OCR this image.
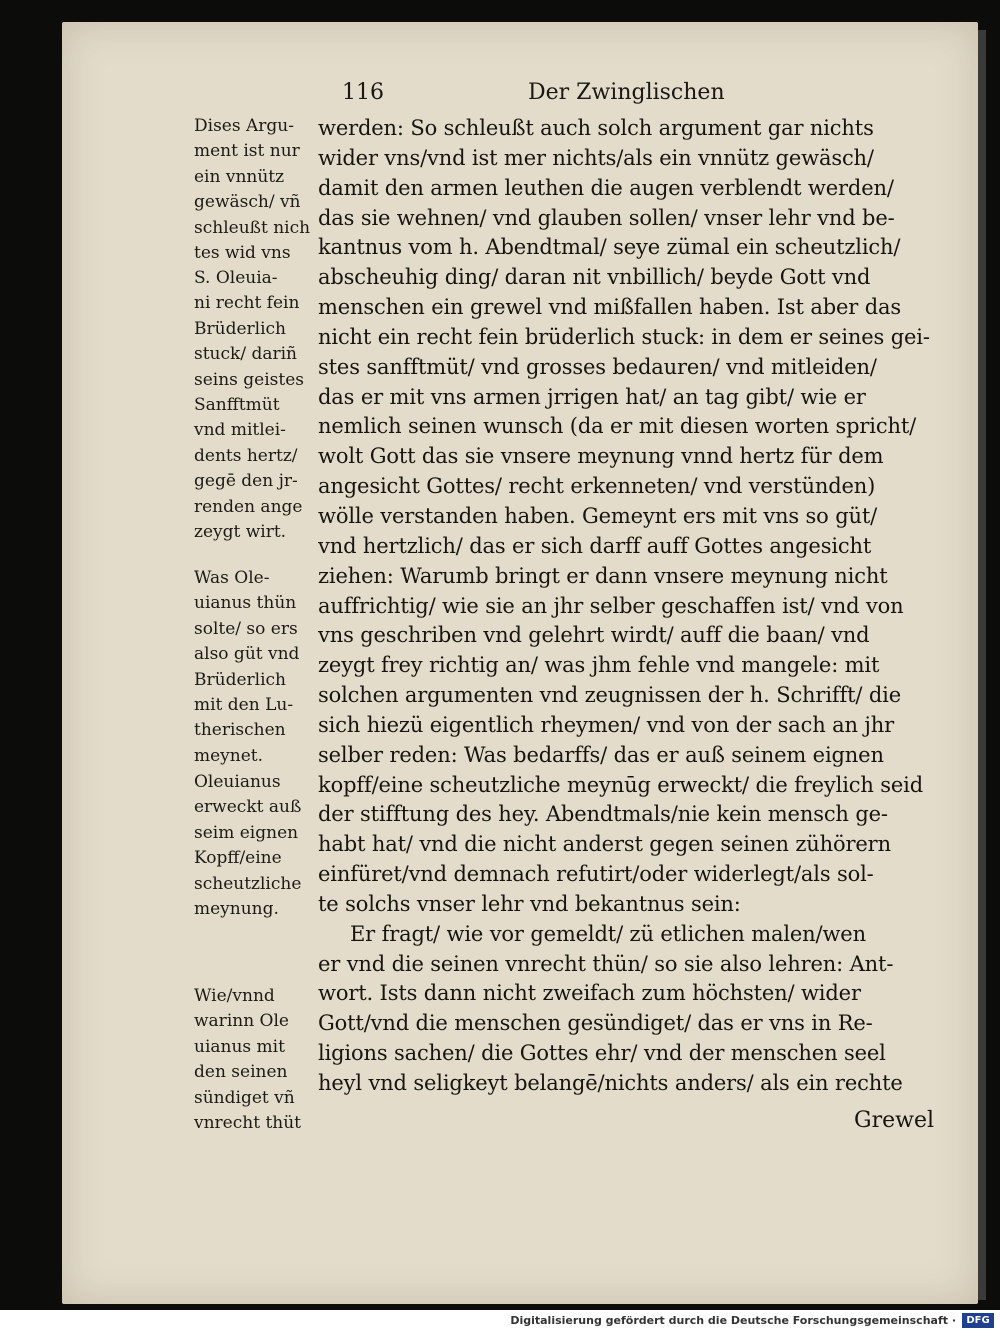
116	Der Zwinglischen

Dises Argu-
ment ist nur
ein vnnütz
gewäsch/ vñ
schleußt nich
tes wid vns

S. Oleuia-
ni recht fein
Brüderlich
stuck/ dariñ
seins geistes
Sanfftmüt
vnd mitlei-
dents hertz/
gegē den jr-
renden ange
zeygt wirt.

Was Ole-
uianus thün
solte/ so ers
also güt vnd
Brüderlich
mit den Lu-
therischen
meynet.

Oleuianus
erweckt auß
seim eignen
Kopff/eine
scheutzliche
meynung.

Wie/vnnd
warinn Ole
uianus mit
den seinen
sündiget vñ
vnrecht thüt

werden: So schleußt auch solch argument gar nichts
wider vns/vnd ist mer nichts/als ein vnnütz gewäsch/
damit den armen leuthen die augen verblendt werden/
das sie wehnen/ vnd glauben sollen/ vnser lehr vnd be-
kantnus vom h. Abendtmal/ seye zümal ein scheutzlich/
abscheuhig ding/ daran nit vnbillich/ beyde Gott vnd
menschen ein grewel vnd mißfallen haben. Ist aber das
nicht ein recht fein brüderlich stuck: in dem er seines gei-
stes sanfftmüt/ vnd grosses bedauren/ vnd mitleiden/
das er mit vns armen jrrigen hat/ an tag gibt/ wie er
nemlich seinen wunsch (da er mit diesen worten spricht/
wolt Gott das sie vnsere meynung vnnd hertz für dem
angesicht Gottes/ recht erkenneten/ vnd verstünden)
wölle verstanden haben. Gemeynt ers mit vns so güt/
vnd hertzlich/ das er sich darff auff Gottes angesicht
ziehen: Warumb bringt er dann vnsere meynung nicht
auffrichtig/ wie sie an jhr selber geschaffen ist/ vnd von
vns geschriben vnd gelehrt wirdt/ auff die baan/ vnd
zeygt frey richtig an/ was jhm fehle vnd mangele: mit
solchen argumenten vnd zeugnissen der h. Schrifft/ die
sich hiezü eigentlich rheymen/ vnd von der sach an jhr
selber reden: Was bedarffs/ das er auß seinem eignen
kopff/eine scheutzliche meynūg erweckt/ die freylich seid
der stifftung des hey. Abendtmals/nie kein mensch ge-
habt hat/ vnd die nicht anderst gegen seinen zühörern
einfüret/vnd demnach refutirt/oder widerlegt/als sol-
te solchs vnser lehr vnd bekantnus sein:
Er fragt/ wie vor gemeldt/ zü etlichen malen/wen
er vnd die seinen vnrecht thün/ so sie also lehren: Ant-
wort. Ists dann nicht zweifach zum höchsten/ wider
Gott/vnd die menschen gesündiget/ das er vns in Re-
ligions sachen/ die Gottes ehr/ vnd der menschen seel
heyl vnd seligkeyt belangē/nichts anders/ als ein rechte
Grewel
Digitalisierung gefördert durch die Deutsche Forschungsgemeinschaft ·	DFG
